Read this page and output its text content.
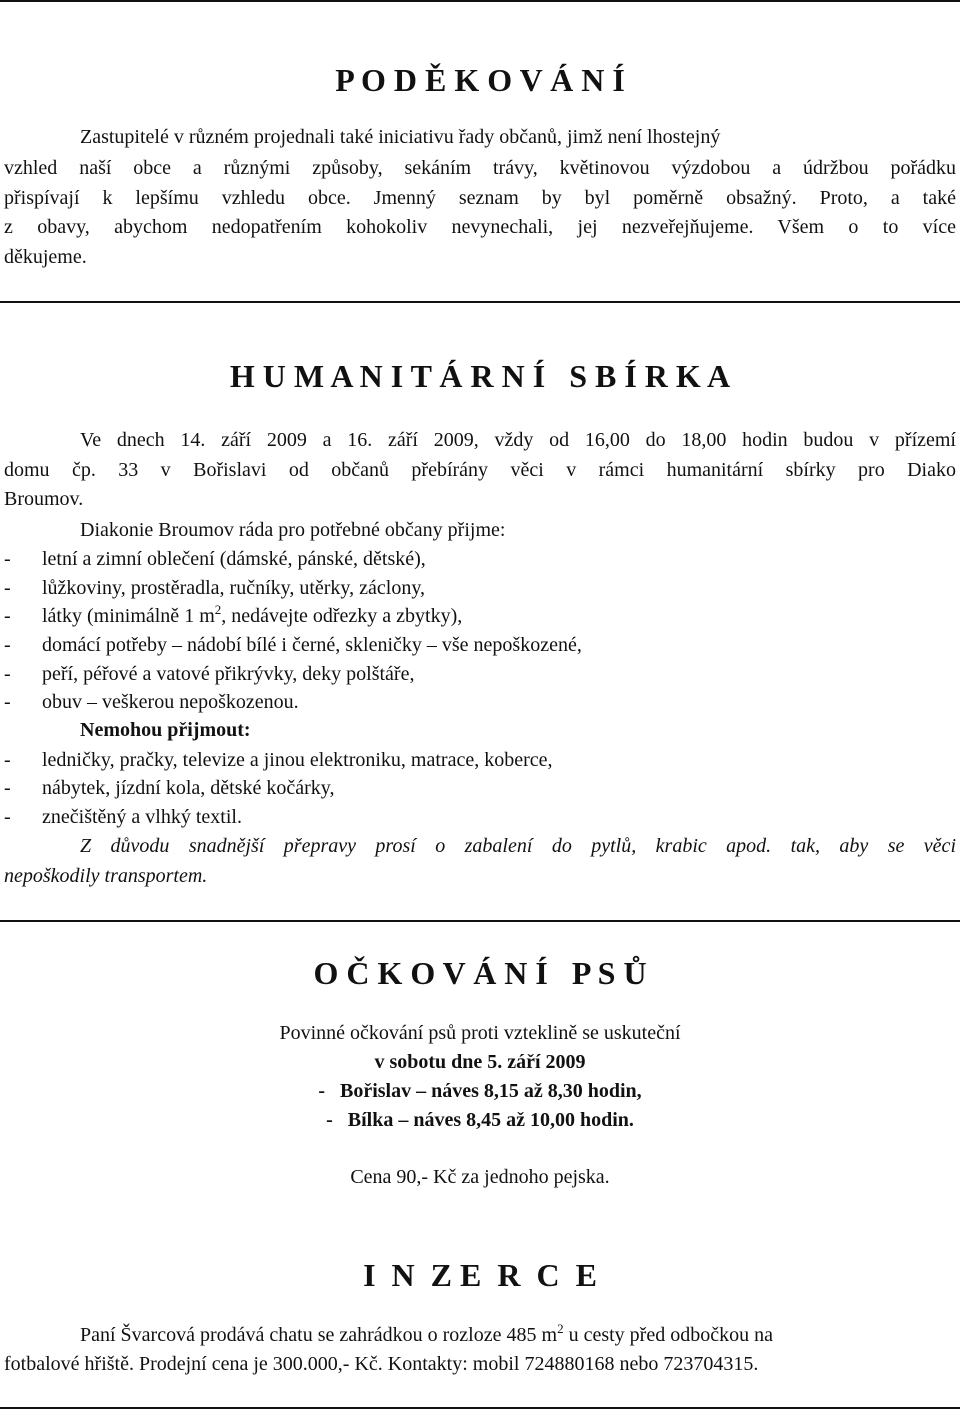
P O D Ě K O V Á N Í

Zastupitelé v různém projednali také iniciativu řady občanů, jimž není lhostejný

vzhled naší obce a různými způsoby, sekáním trávy, květinovou výzdobou a údržbou pořádku

přispívají k lepšímu vzhledu obce. Jmenný seznam by byl poměrně obsažný. Proto, a také

z obavy, abychom nedopatřením kohokoliv nevynechali, jej nezveřejňujeme. Všem o to více

děkujeme.

H U M A N I T Á R N Í   S B Í R K A

Ve dnech 14. září 2009 a 16. září 2009, vždy od 16,00 do 18,00 hodin budou v přízemí

domu čp. 33 v Bořislavi od občanů přebírány věci v rámci humanitární sbírky pro Diako

Broumov.

Diakonie Broumov ráda pro potřebné občany přijme:

- letní a zimní oblečení (dámské, pánské, dětské),

- lůžkoviny, prostěradla, ručníky, utěrky, záclony,

- látky (minimálně 1 $m^2$, nedávejte odřezky a zbytky),

- domácí potřeby – nádobí bílé i černé, skleničky – vše nepoškozené,

- peří, péřové a vatové přikrývky, deky polštáře,

- obuv – veškerou nepoškozenou.

Nemohou přijmout:

- ledničky, pračky, televize a jinou elektroniku, matrace, koberce,

- nábytek, jízdní kola, dětské kočárky,

- znečištěný a vlhký textil.

Z důvodu snadnější přepravy prosí o zabalení do pytlů, krabic apod. tak, aby se věci

nepoškodily transportem.

O Č K O V Á N Í   P S Ů

Povinné očkování psů proti vzteklině se uskuteční

v sobotu dne 5. září 2009

-   Bořislav – náves 8,15 až 8,30 hodin,

-   Bílka – náves 8,45 až 10,00 hodin.

Cena 90,- Kč za jednoho pejska.

I  N  Z E  R  C  E

Paní Švarcová prodává chatu se zahrádkou o rozloze 485 $m^2$ u cesty před odbočkou na

fotbalové hřiště. Prodejní cena je 300.000,- Kč. Kontakty: mobil 724880168 nebo 723704315.
